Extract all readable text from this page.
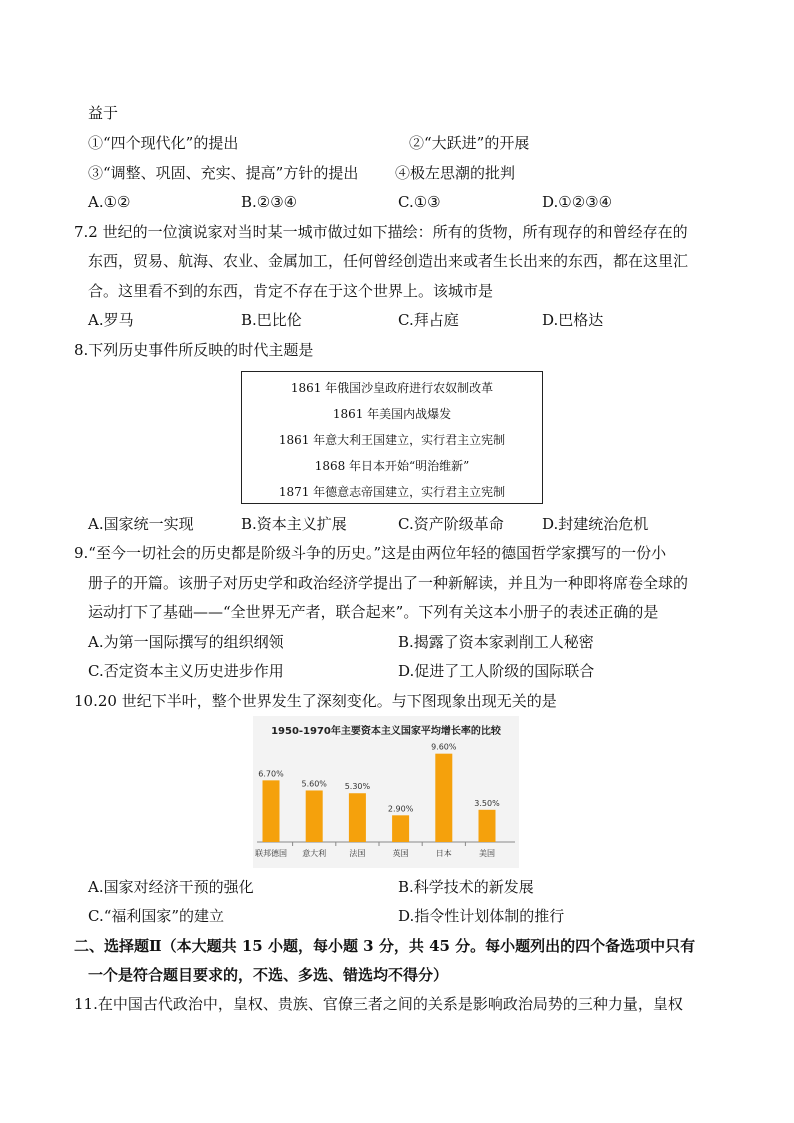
益于
①“四个现代化”的提出	②“大跃进”的开展
③“调整、巩固、充实、提高”方针的提出 ④极左思潮的批判
A.①②	B.②③④	C.①③	D.①②③④
7.2 世纪的一位演说家对当时某一城市做过如下描绘：所有的货物，所有现存的和曾经存在的
东西，贸易、航海、农业、金属加工，任何曾经创造出来或者生长出来的东西，都在这里汇
合。这里看不到的东西，肯定不存在于这个世界上。该城市是
A.罗马	B.巴比伦	C.拜占庭	D.巴格达
8.下列历史事件所反映的时代主题是
1861 年俄国沙皇政府进行农奴制改革
1861 年美国内战爆发
1861 年意大利王国建立，实行君主立宪制
1868 年日本开始“明治维新”
1871 年德意志帝国建立，实行君主立宪制
A.国家统一实现	B.资本主义扩展	C.资产阶级革命	D.封建统治危机
9.“至今一切社会的历史都是阶级斗争的历史。”这是由两位年轻的德国哲学家撰写的一份小
册子的开篇。该册子对历史学和政治经济学提出了一种新解读，并且为一种即将席卷全球的
运动打下了基础——“全世界无产者，联合起来”。下列有关这本小册子的表述正确的是
A.为第一国际撰写的组织纲领	B.揭露了资本家剥削工人秘密
C.否定资本主义历史进步作用	D.促进了工人阶级的国际联合
10.20 世纪下半叶，整个世界发生了深刻变化。与下图现象出现无关的是
1950-1970年主要资本主义国家平均增长率的比较
6.70%
联邦德国
5.60%
意大利
5.30%
法国
2.90%
英国
9.60%
日本
3.50%
美国
A.国家对经济干预的强化	B.科学技术的新发展
C.“福利国家”的建立	D.指令性计划体制的推行
二、选择题Ⅱ（本大题共 15 小题，每小题 3 分，共 45 分。每小题列出的四个备选项中只有
一个是符合题目要求的，不选、多选、错选均不得分）
11.在中国古代政治中，皇权、贵族、官僚三者之间的关系是影响政治局势的三种力量，皇权
